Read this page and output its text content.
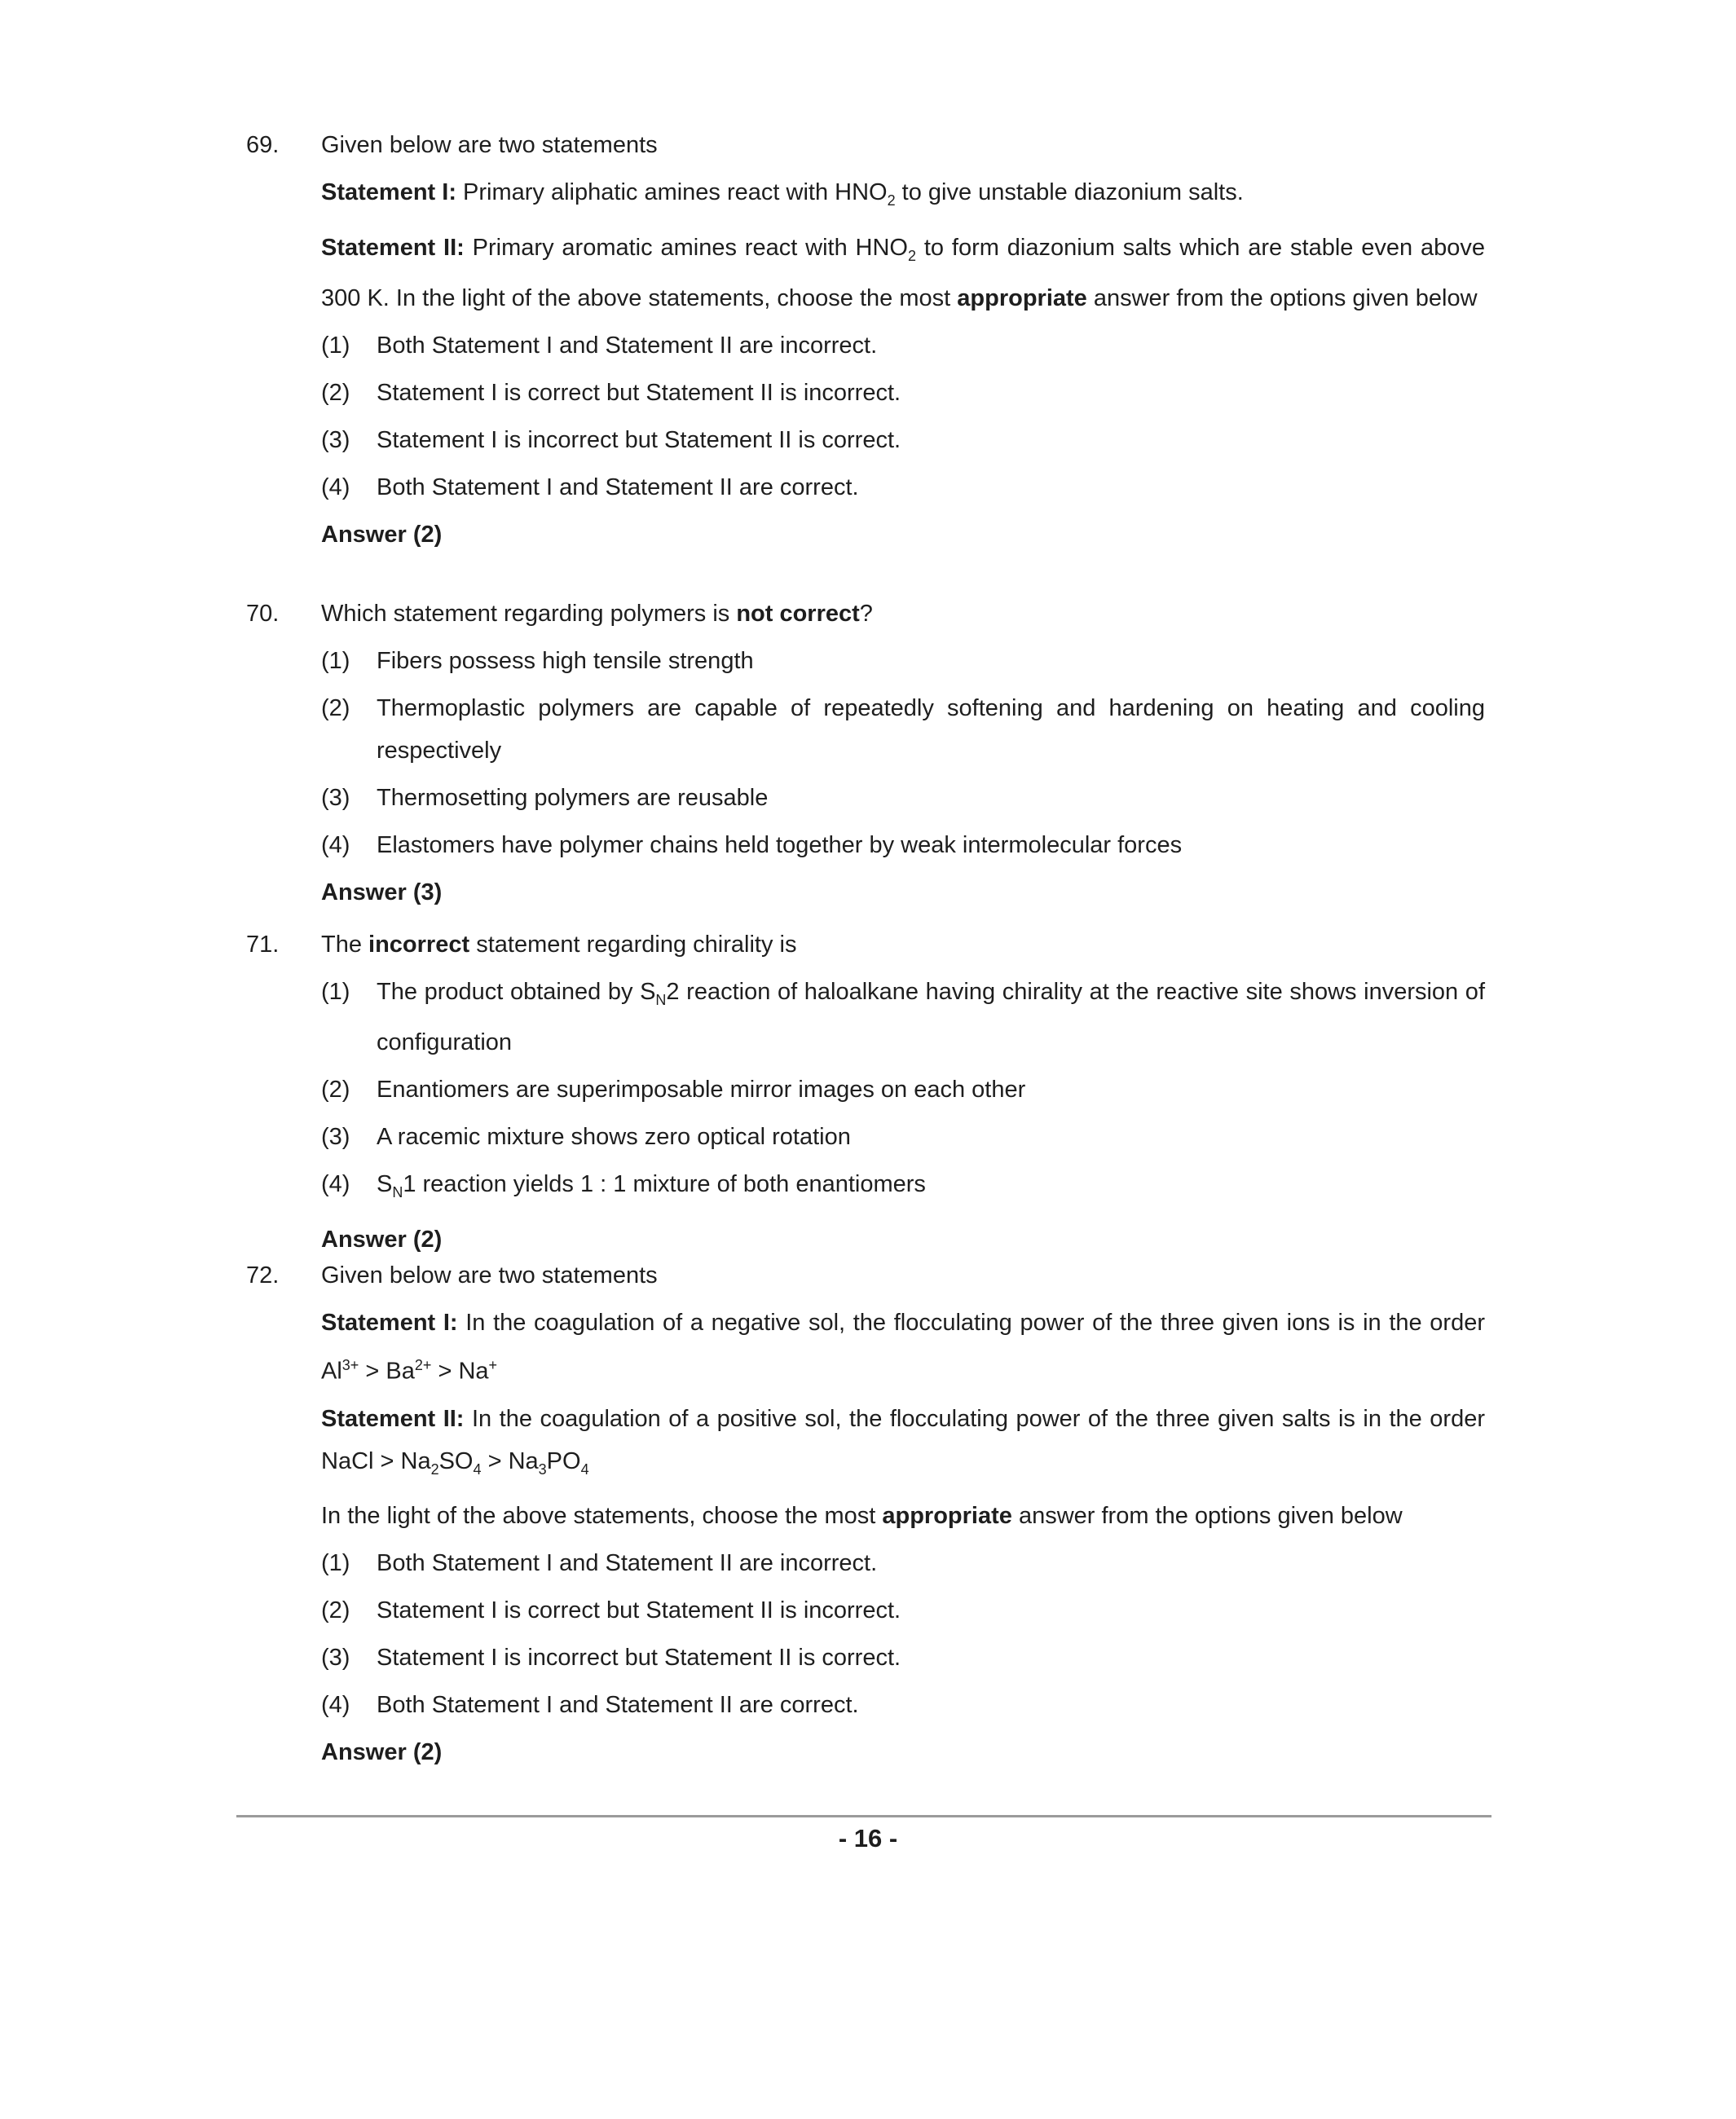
69.	Given below are two statements

Statement I: Primary aliphatic amines react with $HNO_2$ to give unstable diazonium salts.

Statement II: Primary aromatic amines react with $HNO_2$ to form diazonium salts which are stable even above 300 K. In the light of the above statements, choose the most appropriate answer from the options given below

(1) Both Statement I and Statement II are incorrect.
(2) Statement I is correct but Statement II is incorrect.
(3) Statement I is incorrect but Statement II is correct.
(4) Both Statement I and Statement II are correct.
Answer (2)
70.	Which statement regarding polymers is not correct?

(1) Fibers possess high tensile strength
(2) Thermoplastic polymers are capable of repeatedly softening and hardening on heating and cooling respectively
(3) Thermosetting polymers are reusable
(4) Elastomers have polymer chains held together by weak intermolecular forces
Answer (3)
71.	The incorrect statement regarding chirality is

(1) The product obtained by $S_N2$ reaction of haloalkane having chirality at the reactive site shows inversion of configuration
(2) Enantiomers are superimposable mirror images on each other
(3) A racemic mixture shows zero optical rotation
(4) $S_N1$ reaction yields 1 : 1 mixture of both enantiomers
Answer (2)
72.	Given below are two statements

Statement I: In the coagulation of a negative sol, the flocculating power of the three given ions is in the order $Al^{3+} > Ba^{2+} > Na^+$

Statement II: In the coagulation of a positive sol, the flocculating power of the three given salts is in the order NaCl > $Na_2SO_4 > Na_3PO_4$

In the light of the above statements, choose the most appropriate answer from the options given below

(1) Both Statement I and Statement II are incorrect.
(2) Statement I is correct but Statement II is incorrect.
(3) Statement I is incorrect but Statement II is correct.
(4) Both Statement I and Statement II are correct.
Answer (2)
- 16 -
